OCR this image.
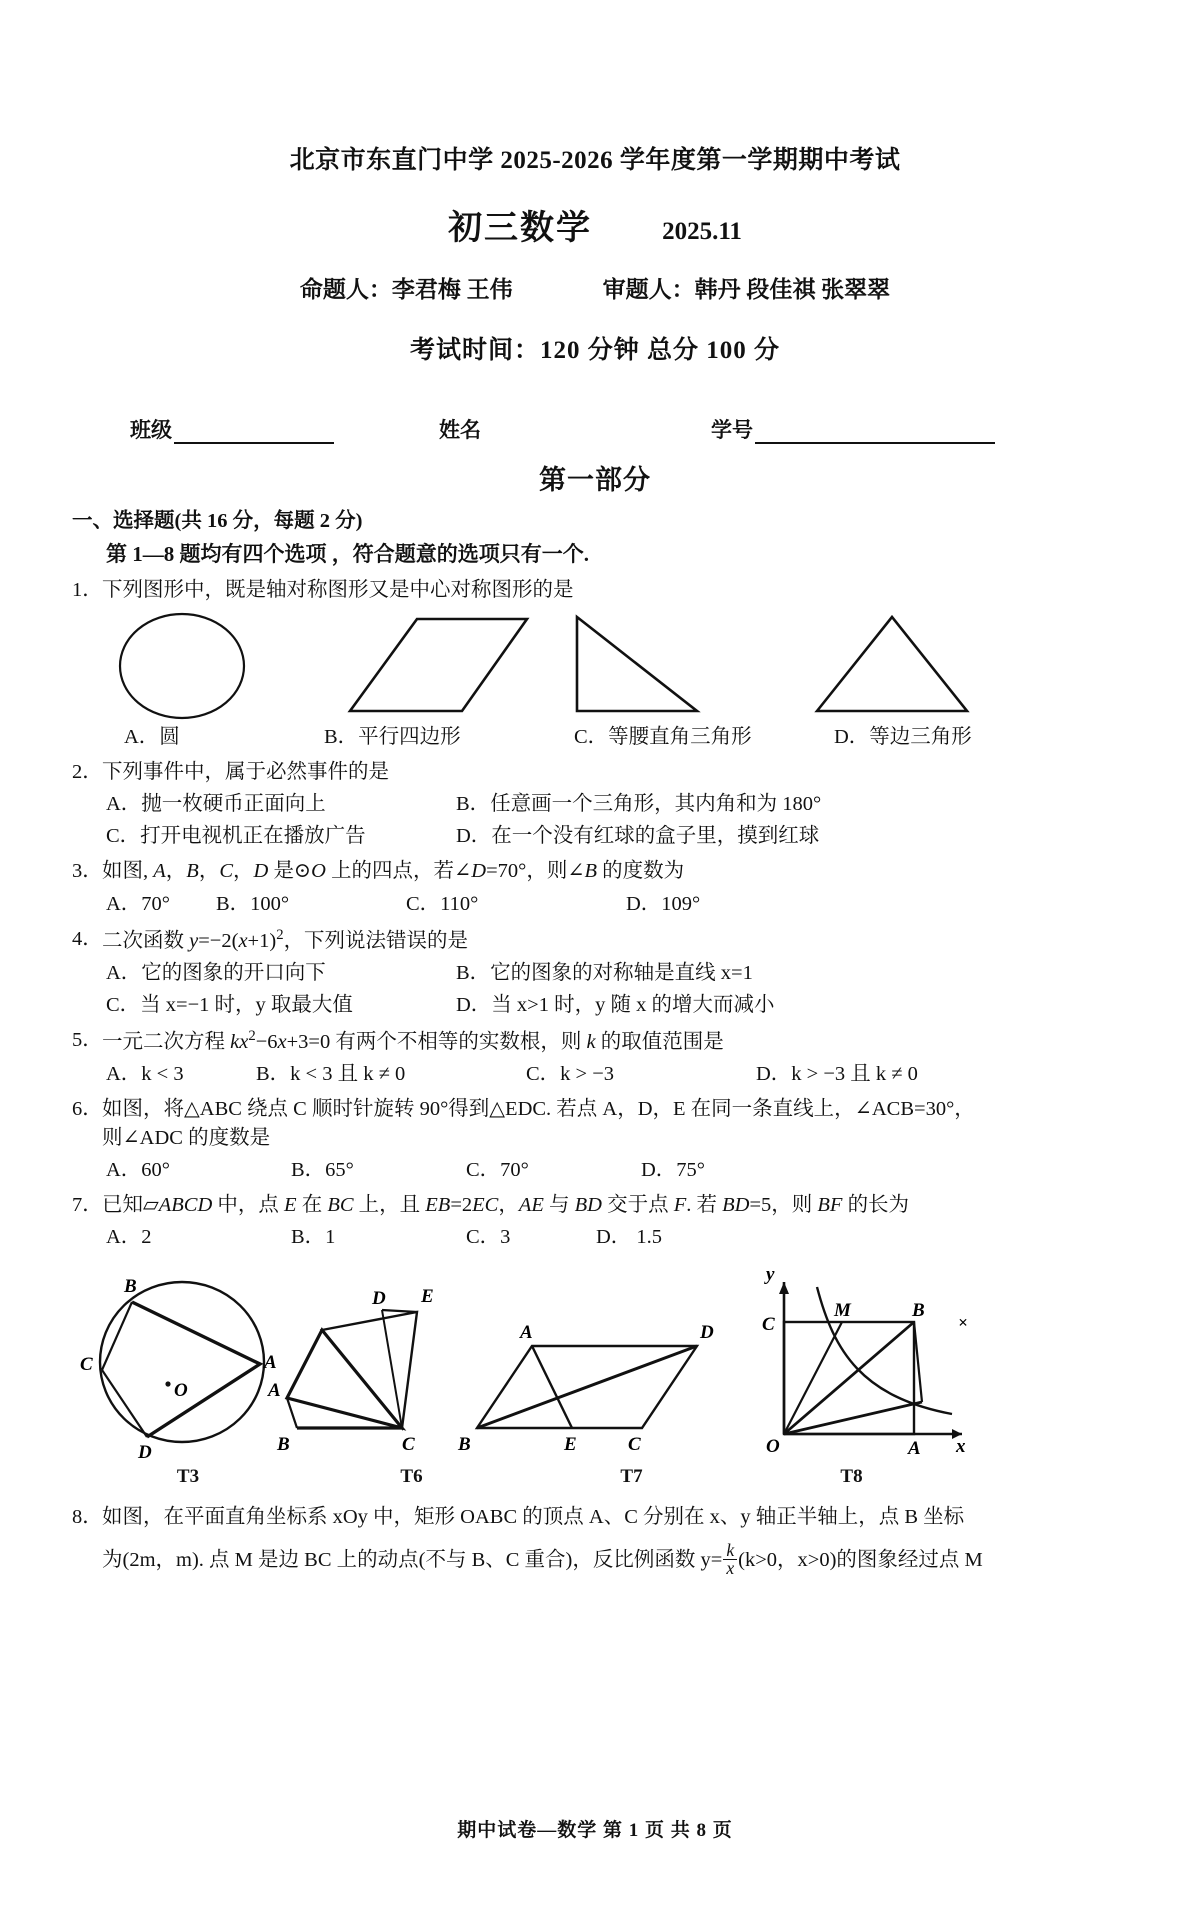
北京市东直门中学 2025-2026 学年度第一学期期中考试
初三数学	2025.11
命题人：李君梅 王伟	审题人：韩丹 段佳祺 张翠翠
考试时间：120 分钟 总分 100 分
班级	姓名	学号
第一部分
一、选择题(共 16 分，每题 2 分)
第 1—8 题均有四个选项 ，符合题意的选项只有一个.
1． 下列图形中，既是轴对称图形又是中心对称图形的是
A．圆	B．平行四边形	C．等腰直角三角形	D．等边三角形
2． 下列事件中，属于必然事件的是
A．抛一枚硬币正面向上	B．任意画一个三角形，其内角和为 180°
C．打开电视机正在播放广告	D．在一个没有红球的盒子里，摸到红球
3． 如图, A，B，C，D 是⊙O 上的四点，若∠D=70°，则∠B 的度数为
A．70°	B．100°	C．110°	D．109°
4． 二次函数 $y=-2(x+1)^2$，下列说法错误的是
A．它的图象的开口向下	B．它的图象的对称轴是直线 x=1
C．当 x=−1 时，y 取最大值	D．当 x>1 时，y 随 x 的增大而减小
5． 一元二次方程 $kx^2-6x+3=0$ 有两个不相等的实数根，则 k 的取值范围是
A．k < 3	B．k < 3 且 k ≠ 0	C．k > −3	D．k > −3 且 k ≠ 0
6． 如图，将△ABC 绕点 C 顺时针旋转 90°得到△EDC. 若点 A，D，E 在同一条直线上，∠ACB=30°，
则∠ADC 的度数是
A．60°	B．65°	C．70°	D．75°
7． 已知▱ABCD 中，点 E 在 BC 上，且 EB=2EC，AE 与 BD 交于点 F. 若 BD=5，则 BF 的长为
A．2	B．1	C．3	D． 1.5
B
C	A
O
D
D E
A
B	C
A	D
B	E	C
C
M	B
O	A x
y
×
T3	T6	T7	T8
8． 如图，在平面直角坐标系 xOy 中，矩形 OABC 的顶点 A、C 分别在 x、y 轴正半轴上，点 B 坐标
为(2m，m). 点 M 是边 BC 上的动点(不与 B、C 重合)，反比例函数 $y= \frac{k}{x} (k>0$，x>0)的图象经过点 M
期中试卷—数学 第 1 页 共 8 页
